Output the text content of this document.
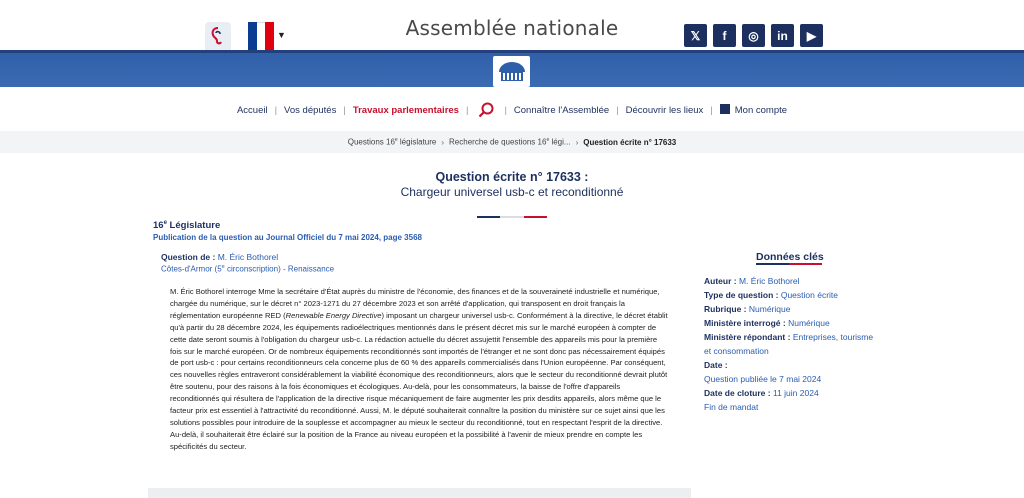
▼	Assemblée nationale	𝕏	f	◎	in	▶
Accueil | Vos députés | Travaux parlementaires |	| Connaître l'Assemblée | Découvrir les lieux |	Mon compte
Questions 16e législature › Recherche de questions 16e légi... › Question écrite n° 17633
Question écrite n° 17633 :
Chargeur universel usb-c et reconditionné
16e Législature
Publication de la question au Journal Officiel du 7 mai 2024, page 3568
Question de : M. Éric Bothorel
Côtes-d'Armor (5e circonscription) - Renaissance
M. Éric Bothorel interroge Mme la secrétaire d'État auprès du ministre de l'économie, des finances et de la souveraineté industrielle et numérique, chargée du numérique, sur le décret n° 2023-1271 du 27 décembre 2023 et son arrêté d'application, qui transposent en droit français la réglementation européenne RED (Renewable Energy Directive) imposant un chargeur universel usb-c. Conformément à la directive, le décret établit qu'à partir du 28 décembre 2024, les équipements radioélectriques mentionnés dans le présent décret mis sur le marché européen à compter de cette date seront soumis à l'obligation du chargeur usb-c. La rédaction actuelle du décret assujettit l'ensemble des appareils mis pour la première fois sur le marché européen. Or de nombreux équipements reconditionnés sont importés de l'étranger et ne sont donc pas nécessairement équipés de port usb-c : pour certains reconditionneurs cela concerne plus de 60 % des appareils commercialisés dans l'Union européenne. Par conséquent, ces nouvelles règles entraveront considérablement la viabilité économique des reconditionneurs, alors que le secteur du reconditionné devrait plutôt être soutenu, pour des raisons à la fois économiques et écologiques. Au-delà, pour les consommateurs, la baisse de l'offre d'appareils reconditionnés qui résultera de l'application de la directive risque mécaniquement de faire augmenter les prix desdits appareils, alors même que le facteur prix est essentiel à l'attractivité du reconditionné. Aussi, M. le député souhaiterait connaître la position du ministère sur ce sujet ainsi que les solutions possibles pour introduire de la souplesse et accompagner au mieux le secteur du reconditionné, tout en respectant l'esprit de la directive. Au-delà, il souhaiterait être éclairé sur la position de la France au niveau européen et la possibilité à l'avenir de mieux prendre en compte les spécificités du secteur.
Données clés
Auteur : M. Éric Bothorel
Type de question : Question écrite
Rubrique : Numérique
Ministère interrogé : Numérique
Ministère répondant : Entreprises, tourisme et consommation
Date :
Question publiée le 7 mai 2024
Date de cloture : 11 juin 2024
Fin de mandat
